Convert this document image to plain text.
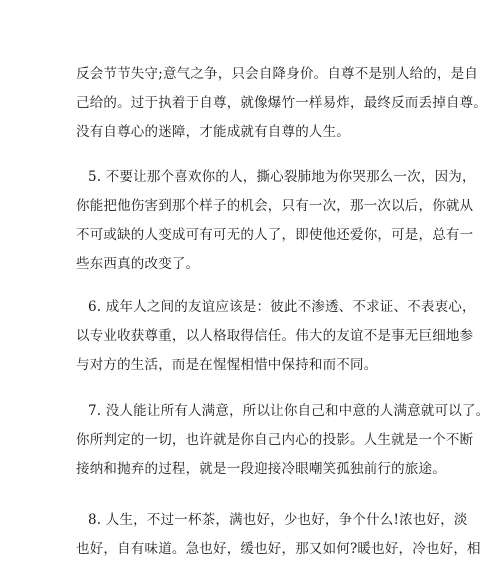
反会节节失守;意气之争，只会自降身价。自尊不是别人给的，是自
己给的。过于执着于自尊，就像爆竹一样易炸，最终反而丢掉自尊。
没有自尊心的迷障，才能成就有自尊的人生。
5. 不要让那个喜欢你的人，撕心裂肺地为你哭那么一次，因为，
你能把他伤害到那个样子的机会，只有一次，那一次以后，你就从
不可或缺的人变成可有可无的人了，即使他还爱你，可是，总有一
些东西真的改变了。
6. 成年人之间的友谊应该是：彼此不渗透、不求证、不表衷心，
以专业收获尊重，以人格取得信任。伟大的友谊不是事无巨细地参
与对方的生活，而是在惺惺相惜中保持和而不同。
7. 没人能让所有人满意，所以让你自己和中意的人满意就可以了。
你所判定的一切，也许就是你自己内心的投影。人生就是一个不断
接纳和抛弃的过程，就是一段迎接冷眼嘲笑孤独前行的旅途。
8. 人生，不过一杯茶，满也好，少也好，争个什么!浓也好，淡
也好，自有味道。急也好，缓也好，那又如何?暖也好，冷也好，相
